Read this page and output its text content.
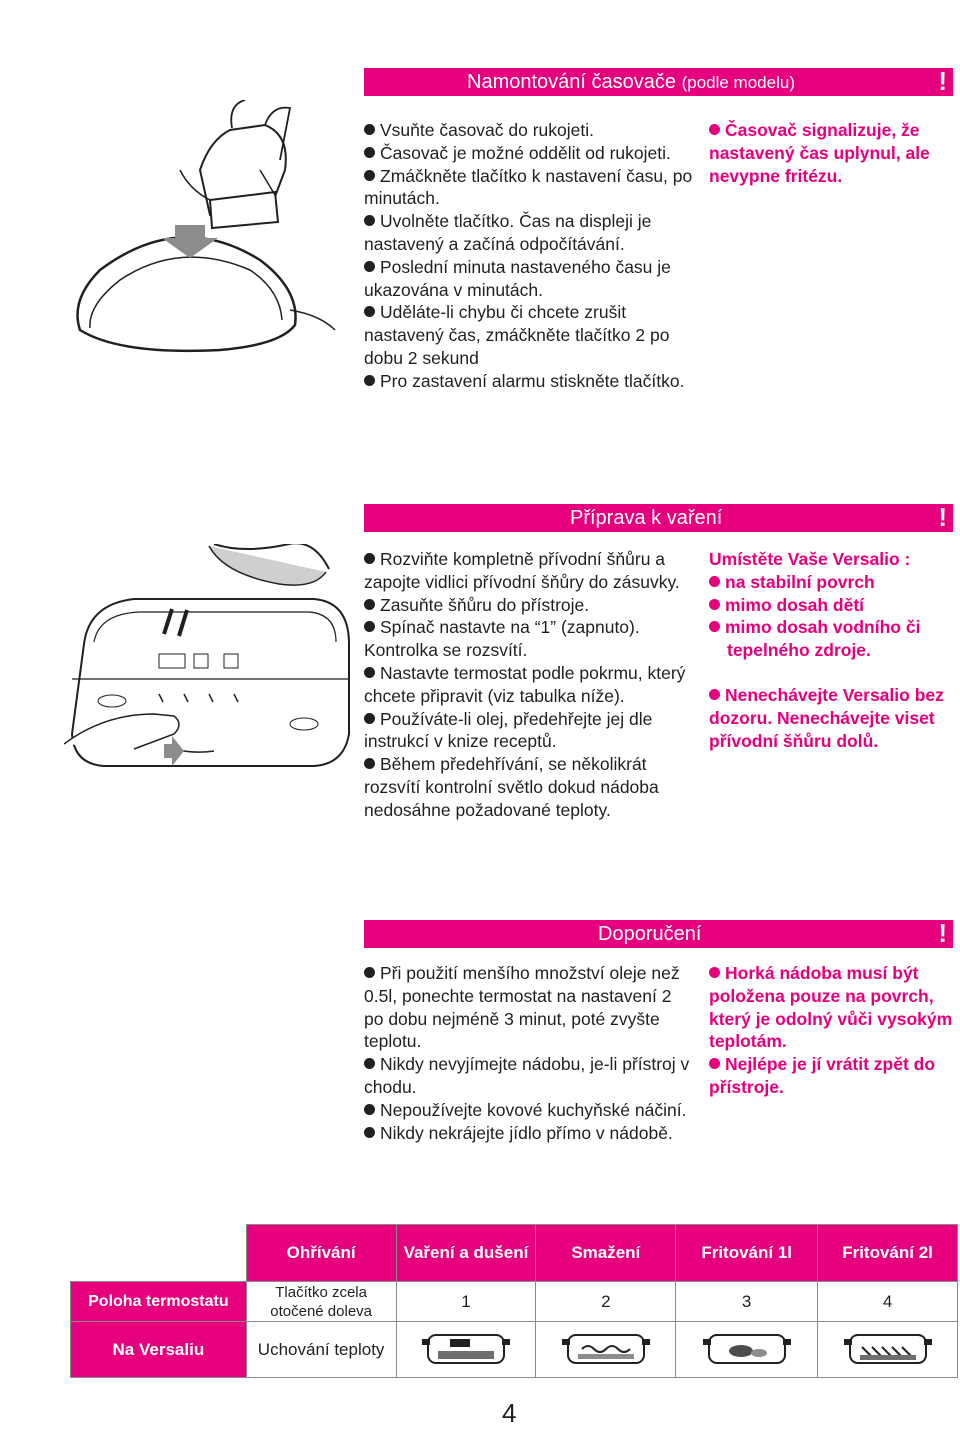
Namontování časovače (podle modelu)	!

Vsuňte časovač do rukojeti.

Časovač je možné oddělit od rukojeti.

Zmáčkněte tlačítko k nastavení času, po minutách.

Uvolněte tlačítko. Čas na displeji je nastavený a začíná odpočítávání.

Poslední minuta nastaveného času je ukazována v minutách.

Uděláte-li chybu či chcete zrušit nastavený čas, zmáčkněte tlačítko 2 po dobu 2 sekund

Pro zastavení alarmu stiskněte tlačítko.

Časovač signalizuje, že nastavený čas uplynul, ale nevypne fritézu.

Příprava k vaření	!

Rozviňte kompletně přívodní šňůru a zapojte vidlici přívodní šňůry do zásuvky.

Zasuňte šňůru do přístroje.

Spínač nastavte na “1” (zapnuto). Kontrolka se rozsvítí.

Nastavte termostat podle pokrmu, který chcete připravit (viz tabulka níže).

Používáte-li olej, předehřejte jej dle instrukcí v knize receptů.

Během předehřívání, se několikrát rozsvítí kontrolní světlo dokud nádoba nedosáhne požadované teploty.

Umístěte Vaše Versalio :

na stabilní povrch

mimo dosah dětí

mimo dosah vodního či tepelného zdroje.

Nenechávejte Versalio bez dozoru. Nenechávejte viset přívodní šňůru dolů.

Doporučení	!

Při použití menšího množství oleje než 0.5l, ponechte termostat na nastavení 2 po dobu nejméně 3 minut, poté zvyšte teplotu.

Nikdy nevyjímejte nádobu, je-li přístroj v chodu.

Nepoužívejte kovové kuchyňské náčiní.

Nikdy nekrájejte jídlo přímo v nádobě.

Horká nádoba musí být položena pouze na povrch, který je odolný vůči vysokým teplotám.

Nejlépe je jí vrátit zpět do přístroje.

	Ohřívání	Vaření a dušení	Smažení	Fritování 1l	Fritování 2l
Poloha termostatu	Tlačítko zcela otočené doleva	1	2	3	4
Na Versaliu	Uchování teploty				
4
